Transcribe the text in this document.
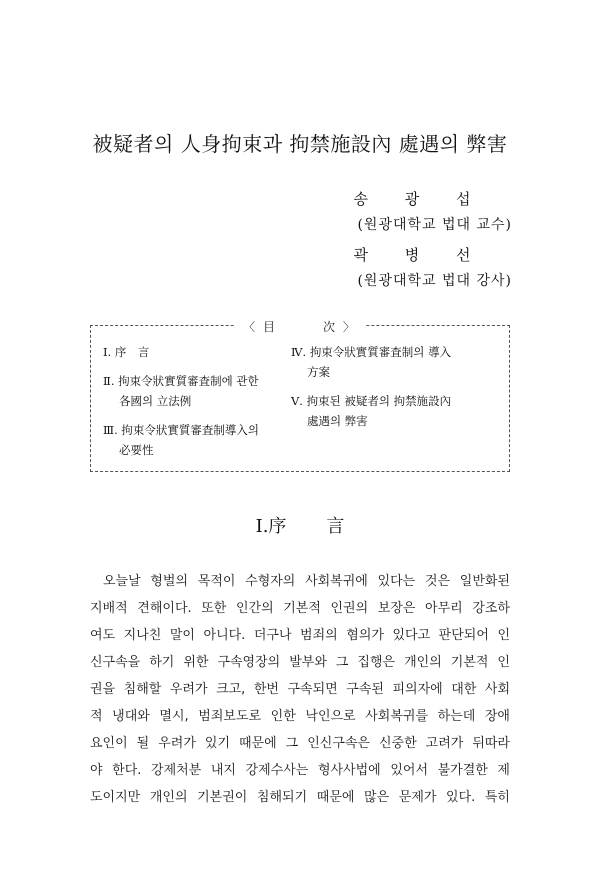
被疑者의 人身拘束과 拘禁施設內 處遇의 弊害
송 광 섭
(원광대학교 법대 교수)
곽 병 선
(원광대학교 법대 강사)
〈 目	次 〉
Ⅰ. 序　言
Ⅱ. 拘束令狀實質審査制에 관한
各國의 立法例
Ⅲ. 拘束令狀實質審査制導入의
必要性
Ⅳ. 拘束令狀實質審査制의 導入
方案
Ⅴ. 拘束된 被疑者의 拘禁施設內
處遇의 弊害
Ⅰ.序 言
오늘날 형벌의 목적이 수형자의 사회복귀에 있다는 것은 일반화된
지배적 견해이다. 또한 인간의 기본적 인권의 보장은 아무리 강조하
여도 지나친 말이 아니다. 더구나 범죄의 혐의가 있다고 판단되어 인
신구속을 하기 위한 구속영장의 발부와 그 집행은 개인의 기본적 인
권을 침해할 우려가 크고, 한번 구속되면 구속된 피의자에 대한 사회
적 냉대와 멸시, 범죄보도로 인한 낙인으로 사회복귀를 하는데 장애
요인이 될 우려가 있기 때문에 그 인신구속은 신중한 고려가 뒤따라
야 한다. 강제처분 내지 강제수사는 형사사법에 있어서 불가결한 제
도이지만 개인의 기본권이 침해되기 때문에 많은 문제가 있다. 특히
